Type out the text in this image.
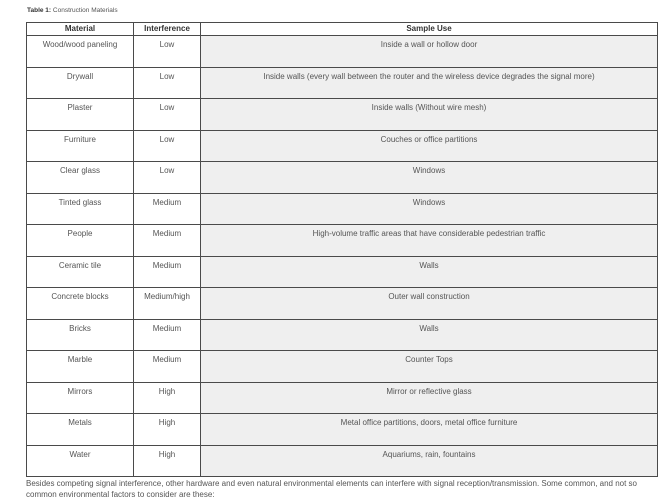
Table 1: Construction Materials
Material	Interference	Sample Use
Wood/wood paneling	Low	Inside a wall or hollow door
Drywall	Low	Inside walls (every wall between the router and the wireless device degrades the signal more)
Plaster	Low	Inside walls (Without wire mesh)
Furniture	Low	Couches or office partitions
Clear glass	Low	Windows
Tinted glass	Medium	Windows
People	Medium	High-volume traffic areas that have considerable pedestrian traffic
Ceramic tile	Medium	Walls
Concrete blocks	Medium/high	Outer wall construction
Bricks	Medium	Walls
Marble	Medium	Counter Tops
Mirrors	High	Mirror or reflective glass
Metals	High	Metal office partitions, doors, metal office furniture
Water	High	Aquariums, rain, fountains
Besides competing signal interference, other hardware and even natural environmental elements can interfere with signal reception/transmission. Some common, and not so common environmental factors to consider are these:
